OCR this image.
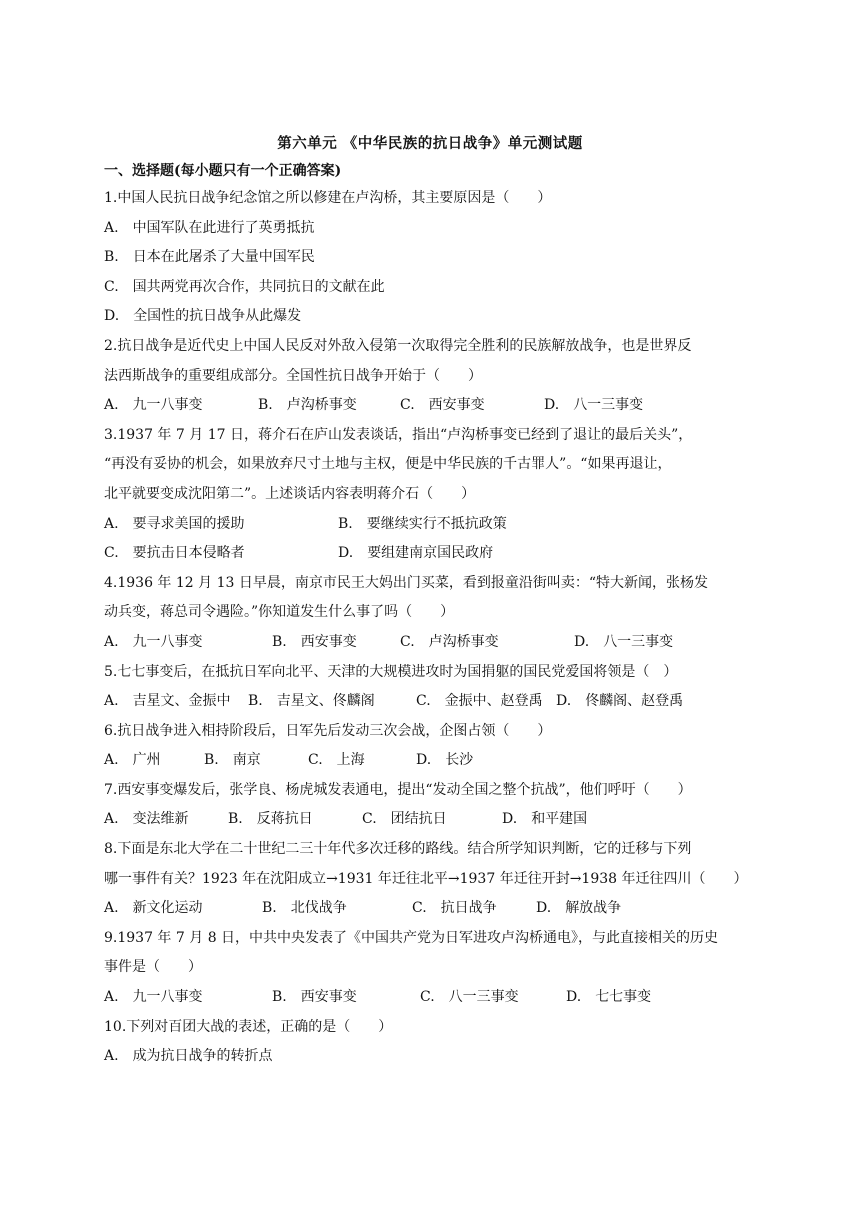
第六单元 《中华民族的抗日战争》单元测试题
一、选择题(每小题只有一个正确答案)
1.中国人民抗日战争纪念馆之所以修建在卢沟桥，其主要原因是（　　）
A. 中国军队在此进行了英勇抵抗
B. 日本在此屠杀了大量中国军民
C. 国共两党再次合作，共同抗日的文献在此
D. 全国性的抗日战争从此爆发
2.抗日战争是近代史上中国人民反对外敌入侵第一次取得完全胜利的民族解放战争，也是世界反
法西斯战争的重要组成部分。全国性抗日战争开始于（　　）
A. 九一八事变	B. 卢沟桥事变	C. 西安事变	D. 八一三事变
3.1937 年 7 月 17 日，蒋介石在庐山发表谈话，指出“卢沟桥事变已经到了退让的最后关头”，
“再没有妥协的机会，如果放弃尺寸土地与主权，便是中华民族的千古罪人”。“如果再退让，
北平就要变成沈阳第二”。上述谈话内容表明蒋介石（　　）
A. 要寻求美国的援助	B. 要继续实行不抵抗政策
C. 要抗击日本侵略者	D. 要组建南京国民政府
4.1936 年 12 月 13 日早晨，南京市民王大妈出门买菜，看到报童沿街叫卖：“特大新闻，张杨发
动兵变，蒋总司令遇险。”你知道发生什么事了吗（　　）
A. 九一八事变	B. 西安事变	C. 卢沟桥事变	D. 八一三事变
5.七七事变后，在抵抗日军向北平、天津的大规模进攻时为国捐躯的国民党爱国将领是（　）
A. 吉星文、金振中 B. 吉星文、佟麟阁	C. 金振中、赵登禹 D. 佟麟阁、赵登禹
6.抗日战争进入相持阶段后，日军先后发动三次会战，企图占领（　　）
A. 广州	B. 南京	C. 上海	D. 长沙
7.西安事变爆发后，张学良、杨虎城发表通电，提出“发动全国之整个抗战”，他们呼吁（　　）
A. 变法维新	B. 反蒋抗日	C. 团结抗日	D. 和平建国
8.下面是东北大学在二十世纪二三十年代多次迁移的路线。结合所学知识判断，它的迁移与下列
哪一事件有关？1923 年在沈阳成立→1931 年迁往北平→1937 年迁往开封→1938 年迁往四川（　　）
A. 新文化运动	B. 北伐战争	C. 抗日战争	D. 解放战争
9.1937 年 7 月 8 日，中共中央发表了《中国共产党为日军进攻卢沟桥通电》，与此直接相关的历史
事件是（　　）
A. 九一八事变	B. 西安事变	C. 八一三事变	D. 七七事变
10.下列对百团大战的表述，正确的是（　　）
A. 成为抗日战争的转折点
